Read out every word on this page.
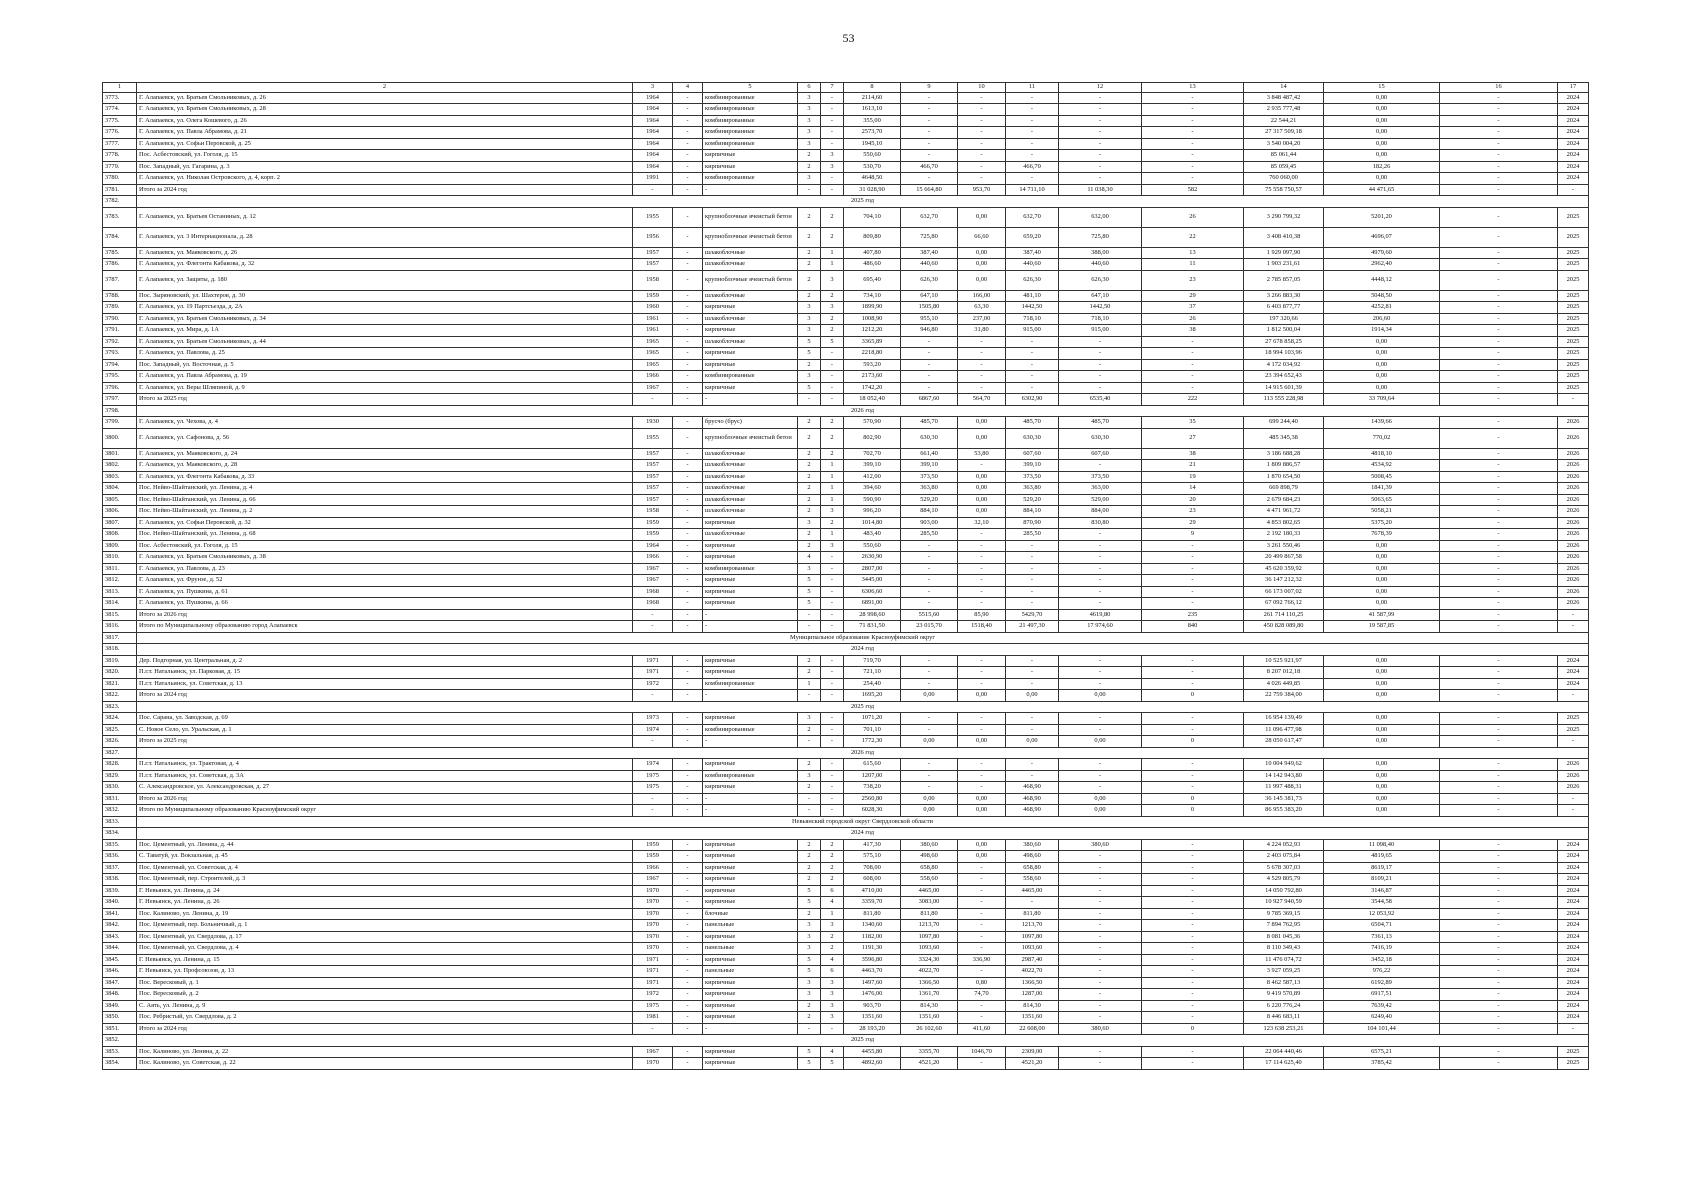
53
1	2	3	4	5	6	7	8	9	10	11	12	13	14	15	16	17
3773.	Г. Алапаевск, ул. Братьев Смольниковых, д. 26	1964	-	комбинированные	3	-	2114,60	-	-	-	-	-	3 848 487,42	0,00	-	2024
3774.	Г. Алапаевск, ул. Братьев Смольниковых, д. 28	1964	-	комбинированные	3	-	1613,10	-	-	-	-	-	2 935 777,48	0,00	-	2024
3775.	Г. Алапаевск, ул. Олега Кошевого, д. 26	1964	-	комбинированные	3	-	355,00	-	-	-	-	-	22 544,21	0,00	-	2024
3776.	Г. Алапаевск, ул. Павла Абрамова, д. 21	1964	-	комбинированные	3	-	2573,70	-	-	-	-	-	27 317 509,18	0,00	-	2024
3777.	Г. Алапаевск, ул. Софьи Перовской, д. 25	1964	-	комбинированные	3	-	1945,10	-	-	-	-	-	3 540 004,20	0,00	-	2024
3778.	Пос. Асбестовский, ул. Гоголя, д. 15	1964	-	кирпичные	2	3	550,60	-	-	-	-	-	85 061,44	0,00	-	2024
3779.	Пос. Западный, ул. Гагарина, д. 3	1964	-	кирпичные	2	3	530,70	466,70	-	466,70	-	-	85 059,45	182,26	-	2024
3780.	Г. Алапаевск, ул. Николая Островского, д. 4, корп. 2	1991	-	комбинированные	3	-	4648,50	-	-	-	-	-	760 060,00	0,00	-	2024
3781.	Итого за 2024 год	-	-	-	-	-	31 028,90	15 664,80	953,70	14 711,10	11 038,30	582	75 558 750,57	44 471,65	-	-
3782.	2025 год															
3783.	Г. Алапаевск, ул. Братьев Останиных, д. 12	1955	-	крупноблочные ячеистый бетон	2	2	704,10	632,70	0,00	632,70	632,00	26	3 290 799,32	5201,20	-	2025
3784.	Г. Алапаевск, ул. 3 Интернационала, д. 28	1956	-	крупноблочные ячеистый бетон	2	2	809,80	725,80	66,60	659,20	725,80	22	3 408 410,38	4696,07	-	2025
3785.	Г. Алапаевск, ул. Маяковского, д. 26	1957	-	шлакоблочные	2	1	407,80	387,40	0,00	387,40	388,00	13	1 929 097,90	4979,60	-	2025
3786.	Г. Алапаевск, ул. Флегонта Кабакова, д. 32	1957	-	шлакоблочные	2	1	486,60	440,60	0,00	440,60	440,60	11	1 903 231,61	2962,40	-	2025
3787.	Г. Алапаевск, ул. Защиты, д. 180	1958	-	крупноблочные ячеистый бетон	2	3	695,40	626,30	0,00	626,30	626,30	23	2 785 857,05	4448,12	-	2025
3788.	Пос. Зыряновский, ул. Шахтеров, д. 30	1959	-	шлакоблочные	2	2	734,10	647,10	166,00	481,10	647,10	29	3 266 883,30	5048,50	-	2025
3789.	Г. Алапаевск, ул. 19 Партсъезда, д. 2А	1960	-	кирпичные	3	3	1899,90	1505,80	63,30	1442,50	1442,50	37	6 403 877,77	4252,81	-	2025
3790.	Г. Алапаевск, ул. Братьев Смольниковых, д. 34	1961	-	шлакоблочные	3	2	1008,90	955,10	237,00	718,10	718,10	26	197 320,66	206,60	-	2025
3791.	Г. Алапаевск, ул. Мира, д. 1А	1961	-	кирпичные	3	2	1212,20	946,80	31,80	915,00	915,00	38	1 812 500,04	1914,34	-	2025
3792.	Г. Алапаевск, ул. Братьев Смольниковых, д. 44	1965	-	шлакоблочные	5	5	3365,89	-	-	-	-	-	27 678 858,25	0,00	-	2025
3793.	Г. Алапаевск, ул. Павлова, д. 25	1965	-	кирпичные	5	-	2218,80	-	-	-	-	-	18 994 103,96	0,00	-	2025
3794.	Пос. Западный, ул. Восточная, д. 5	1965	-	кирпичные	2	-	593,20	-	-	-	-	-	4 172 034,92	0,00	-	2025
3795.	Г. Алапаевск, ул. Павла Абрамова, д. 19	1966	-	комбинированные	3	-	2173,60	-	-	-	-	-	23 394 652,43	0,00	-	2025
3796.	Г. Алапаевск, ул. Веры Шляпиной, д. 9	1967	-	кирпичные	5	-	1742,20	-	-	-	-	-	14 915 601,39	0,00	-	2025
3797.	Итого за 2025 год	-	-	-	-	-	18 052,40	6867,60	564,70	6302,90	6535,40	222	113 555 228,98	33 709,64	-	-
3798.	2026 год															
3799.	Г. Алапаевск, ул. Чехова, д. 4	1930	-	брусчо (брус)	2	2	570,90	485,70	0,00	485,70	485,70	35	699 244,40	1439,66	-	2026
3800.	Г. Алапаевск, ул. Сафонова, д. 56	1955	-	крупноблочные ячеистый бетон	2	2	802,90	630,30	0,00	630,30	630,30	27	485 345,38	770,02	-	2026
3801.	Г. Алапаевск, ул. Маяковского, д. 24	1957	-	шлакоблочные	2	2	702,70	661,40	53,80	607,60	607,60	38	3 186 688,28	4818,10	-	2026
3802.	Г. Алапаевск, ул. Маяковского, д. 28	1957	-	шлакоблочные	2	1	399,10	399,10	-	399,10	-	21	1 809 886,57	4534,92	-	2026
3803.	Г. Алапаевск, ул. Флегонта Кабакова, д. 33	1957	-	шлакоблочные	2	1	412,00	373,50	0,00	373,50	373,50	19	1 870 654,50	5008,45	-	2026
3804.	Пос. Нейво-Шайтанский, ул. Ленина, д. 4	1957	-	шлакоблочные	2	1	394,60	363,80	0,00	363,80	363,00	14	669 898,79	1841,39	-	2026
3805.	Пос. Нейво-Шайтанский, ул. Ленина, д. 66	1957	-	шлакоблочные	2	1	590,90	529,20	0,00	529,20	529,00	20	2 679 684,23	5063,65	-	2026
3806.	Пос. Нейво-Шайтанский, ул. Ленина, д. 2	1958	-	шлакоблочные	2	3	996,20	884,10	0,00	884,10	884,00	23	4 471 961,72	5058,21	-	2026
3807.	Г. Алапаевск, ул. Софьи Перовской, д. 32	1959	-	кирпичные	3	2	1014,80	903,00	32,10	870,90	830,80	29	4 853 802,65	5375,20	-	2026
3808.	Пос. Нейво-Шайтанский, ул. Ленина, д. 68	1959	-	шлакоблочные	2	1	483,40	285,50	-	285,50	-	9	2 192 180,33	7678,39	-	2026
3809.	Пос. Асбестовский, ул. Гоголя, д. 15	1964	-	кирпичные	2	3	550,60	-	-	-	-	-	3 261 550,46	0,00	-	2026
3810.	Г. Алапаевск, ул. Братьев Смольниковых, д. 38	1966	-	кирпичные	4	-	2630,90	-	-	-	-	-	20 499 867,58	0,00	-	2026
3811.	Г. Алапаевск, ул. Павлова, д. 23	1967	-	комбинированные	3	-	2807,00	-	-	-	-	-	45 620 359,92	0,00	-	2026
3812.	Г. Алапаевск, ул. Фрунзе, д. 52	1967	-	кирпичные	5	-	3445,00	-	-	-	-	-	36 147 212,32	0,00	-	2026
3813.	Г. Алапаевск, ул. Пушкина, д. 61	1968	-	кирпичные	5	-	6306,60	-	-	-	-	-	66 173 007,02	0,00	-	2026
3814.	Г. Алапаевск, ул. Пушкина, д. 66	1968	-	кирпичные	5	-	6891,00	-	-	-	-	-	67 092 766,12	0,00	-	2026
3815.	Итого за 2026 год	-	-	-	-	-	28 998,60	5515,60	85,90	5429,70	4619,80	235	261 714 110,25	41 587,99	-	-
3816.	Итого по Муниципальному образованию город Алапаевск	-	-	-	-	-	71 831,50	23 015,70	1518,40	21 497,30	17 974,60	840	450 828 089,80	19 587,85	-	-
3817.	Муниципальное образование Красноуфимский округ															
3818.	2024 год															
3819.	Дер. Подгорная, ул. Центральная, д. 2	1971	-	кирпичные	2	-	719,70	-	-	-	-	-	10 525 921,97	0,00	-	2024
3820.	П.г.т. Натальинск, ул. Парковая, д. 15	1971	-	кирпичные	2	-	721,10	-	-	-	-	-	8 207 012,18	0,00	-	2024
3821.	П.г.т. Натальинск, ул. Советская, д. 13	1972	-	комбинированные	1	-	254,40	-	-	-	-	-	4 026 449,85	0,00	-	2024
3822.	Итого за 2024 год	-	-	-	-	-	1695,20	0,00	0,00	0,00	0,00	0	22 759 384,00	0,00	-	-
3823.	2025 год															
3824.	Пос. Сарана, ул. Заводская, д. 69	1973	-	кирпичные	3	-	1071,20	-	-	-	-	-	16 954 139,49	0,00	-	2025
3825.	С. Новое Село, ул. Уральская, д. 1	1974	-	комбинированные	2	-	701,10	-	-	-	-	-	11 096 477,98	0,00	-	2025
3826.	Итого за 2025 год	-	-	-	-	-	1772,30	0,00	0,00	0,00	0,00	0	28 050 617,47	0,00	-	-
3827.	2026 год															
3828.	П.г.т. Натальинск, ул. Трактовая, д. 4	1974	-	кирпичные	2	-	615,60	-	-	-	-	-	10 004 949,62	0,00	-	2026
3829.	П.г.т. Натальинск, ул. Советская, д. 3А	1975	-	комбинированные	3	-	1207,00	-	-	-	-	-	14 142 943,80	0,00	-	2026
3830.	С. Александровское, ул. Александровская, д. 27	1975	-	кирпичные	2	-	738,20	-	-	468,90	-	-	11 997 488,31	0,00	-	2026
3831.	Итого за 2026 год	-	-	-	-	-	2560,80	0,00	0,00	468,90	0,00	0	36 145 381,73	0,00	-	-
3832.	Итого по Муниципальному образованию Красноуфимский округ	-	-	-	-	-	6028,30	0,00	0,00	468,90	0,00	0	86 955 383,20	0,00	-	-
3833.	Невьянский городской округ Свердловской области															
3834.	2024 год															
3835.	Пос. Цементный, ул. Ленина, д. 44	1959	-	кирпичные	2	2	417,30	380,60	0,00	380,60	380,60	-	4 224 052,93	11 098,40	-	2024
3836.	С. Таватуй, ул. Вокзальная, д. 45	1959	-	кирпичные	2	2	575,10	498,60	0,00	498,60	-	-	2 403 075,84	4819,65	-	2024
3837.	Пос. Цементный, ул. Советская, д. 4	1966	-	кирпичные	2	2	708,00	658,80	-	658,80	-	-	5 678 307,03	8619,17	-	2024
3838.	Пос. Цементный, пер. Строителей, д. 3	1967	-	кирпичные	2	2	608,00	558,60	-	558,60	-	-	4 529 805,79	8109,21	-	2024
3839.	Г. Невьянск, ул. Ленина, д. 24	1970	-	кирпичные	5	6	4710,00	4465,00	-	4465,00	-	-	14 050 792,80	3146,87	-	2024
3840.	Г. Невьянск, ул. Ленина, д. 26	1970	-	кирпичные	5	4	3359,70	3083,00	-	-	-	-	10 927 940,59	3544,58	-	2024
3841.	Пос. Калиново, ул. Ленина, д. 19	1970	-	блочные	2	1	811,80	811,80	-	811,80	-	-	9 785 369,15	12 053,92	-	2024
3842.	Пос. Цементный, пер. Больничный, д. 1	1970	-	панельные	3	3	1340,60	1213,70	-	1213,70	-	-	7 894 762,95	6504,71	-	2024
3843.	Пос. Цементный, ул. Свердлова, д. 17	1970	-	кирпичные	3	2	1182,00	1097,80	-	1097,80	-	-	8 081 045,36	7361,13	-	2024
3844.	Пос. Цементный, ул. Свердлова, д. 4	1970	-	панельные	3	2	1191,30	1093,60	-	1093,60	-	-	8 110 349,43	7416,19	-	2024
3845.	Г. Невьянск, ул. Ленина, д. 15	1971	-	кирпичные	5	4	3596,80	3324,30	336,90	2987,40	-	-	11 476 074,72	3452,18	-	2024
3846.	Г. Невьянск, ул. Профсоюзов, д. 13	1971	-	панельные	5	6	4463,70	4022,70	-	4022,70	-	-	3 927 059,25	976,22	-	2024
3847.	Пос. Вересковый, д. 1	1971	-	кирпичные	3	3	1497,60	1366,50	0,80	1366,50	-	-	8 462 587,13	6192,89	-	2024
3848.	Пос. Вересковый, д. 2	1972	-	кирпичные	3	3	1476,00	1361,70	74,70	1287,00	-	-	9 419 570,89	6917,51	-	2024
3849.	С. Аять, ул. Ленина, д. 9	1975	-	кирпичные	2	3	903,70	814,30	-	814,30	-	-	6 220 776,24	7639,42	-	2024
3850.	Пос. Ребристый, ул. Свердлова, д. 2	1981	-	кирпичные	2	3	1351,60	1351,60	-	1351,60	-	-	8 446 683,11	6249,40	-	2024
3851.	Итого за 2024 год	-	-	-	-	-	28 193,20	26 102,60	411,60	22 608,00	380,60	0	123 638 253,21	104 101,44	-	-
3852.	2025 год															
3853.	Пос. Калиново, ул. Ленина, д. 22	1967	-	кирпичные	5	4	4455,80	3355,70	1046,70	2309,00	-	-	22 064 440,46	6575,21	-	2025
3854.	Пос. Калиново, ул. Советская, д. 22	1970	-	кирпичные	5	5	4892,60	4521,20	-	4521,20	-	-	17 114 625,40	3785,42	-	2025
